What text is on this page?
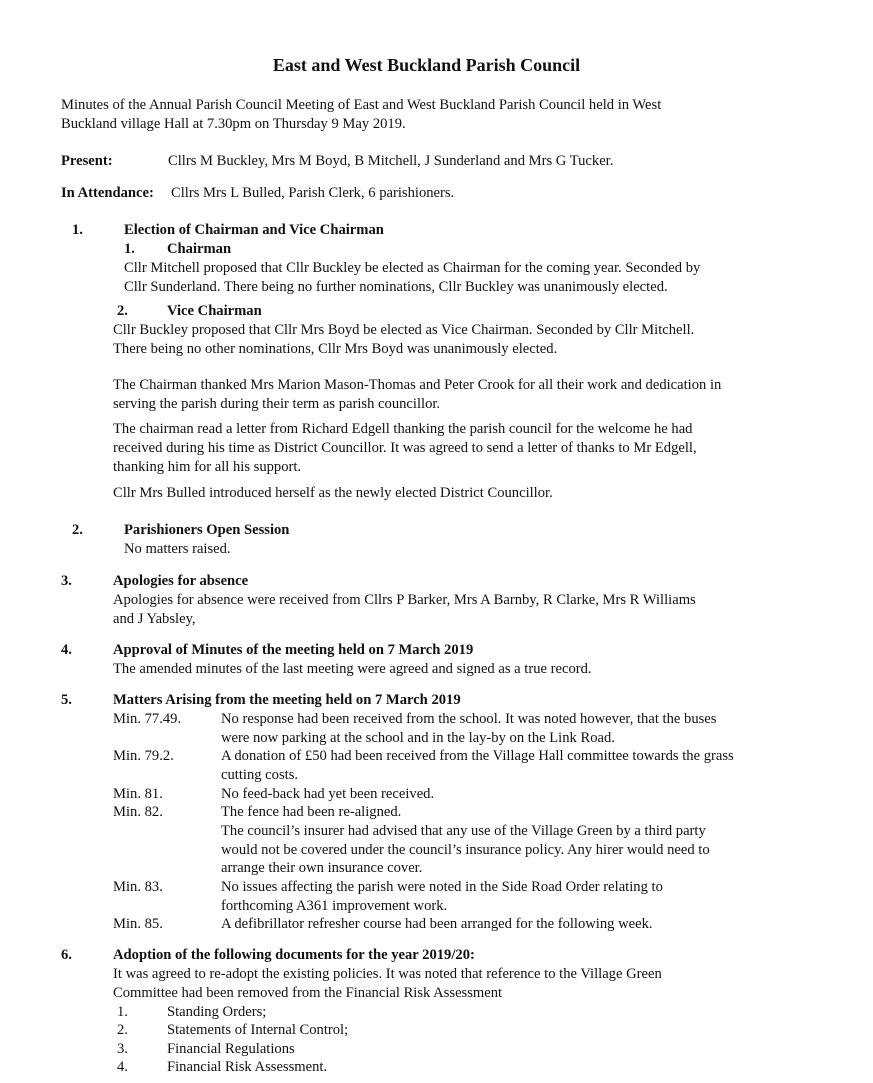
East and West Buckland Parish Council
Minutes of the Annual Parish Council Meeting of East and West Buckland Parish Council held in West
Buckland village Hall at 7.30pm on Thursday 9 May 2019.
Present:	Cllrs M Buckley, Mrs M Boyd, B Mitchell, J Sunderland and Mrs G Tucker.
In Attendance: Cllrs Mrs L Bulled, Parish Clerk, 6 parishioners.
1.	Election of Chairman and Vice Chairman
1. Chairman
Cllr Mitchell proposed that Cllr Buckley be elected as Chairman for the coming year. Seconded by
Cllr Sunderland. There being no further nominations, Cllr Buckley was unanimously elected.
2.	Vice Chairman
Cllr Buckley proposed that Cllr Mrs Boyd be elected as Vice Chairman. Seconded by Cllr Mitchell.
There being no other nominations, Cllr Mrs Boyd was unanimously elected.
The Chairman thanked Mrs Marion Mason-Thomas and Peter Crook for all their work and dedication in
serving the parish during their term as parish councillor.
The chairman read a letter from Richard Edgell thanking the parish council for the welcome he had
received during his time as District Councillor. It was agreed to send a letter of thanks to Mr Edgell,
thanking him for all his support.
Cllr Mrs Bulled introduced herself as the newly elected District Councillor.
2.	Parishioners Open Session
No matters raised.
3.	Apologies for absence
Apologies for absence were received from Cllrs P Barker, Mrs A Barnby, R Clarke, Mrs R Williams
and J Yabsley,
4.	Approval of Minutes of the meeting held on 7 March 2019
The amended minutes of the last meeting were agreed and signed as a true record.
5.	Matters Arising from the meeting held on 7 March 2019
Min. 77.49.	No response had been received from the school. It was noted however, that the buses
were now parking at the school and in the lay-by on the Link Road.
Min. 79.2.	A donation of £50 had been received from the Village Hall committee towards the grass
cutting costs.
Min. 81.	No feed-back had yet been received.
Min. 82.	The fence had been re-aligned.
The council’s insurer had advised that any use of the Village Green by a third party
would not be covered under the council’s insurance policy. Any hirer would need to
arrange their own insurance cover.
Min. 83.	No issues affecting the parish were noted in the Side Road Order relating to
forthcoming A361 improvement work.
Min. 85.	A defibrillator refresher course had been arranged for the following week.
6.	Adoption of the following documents for the year 2019/20:
It was agreed to re-adopt the existing policies. It was noted that reference to the Village Green
Committee had been removed from the Financial Risk Assessment
1.	Standing Orders;
2.	Statements of Internal Control;
3.	Financial Regulations
4.	Financial Risk Assessment.
